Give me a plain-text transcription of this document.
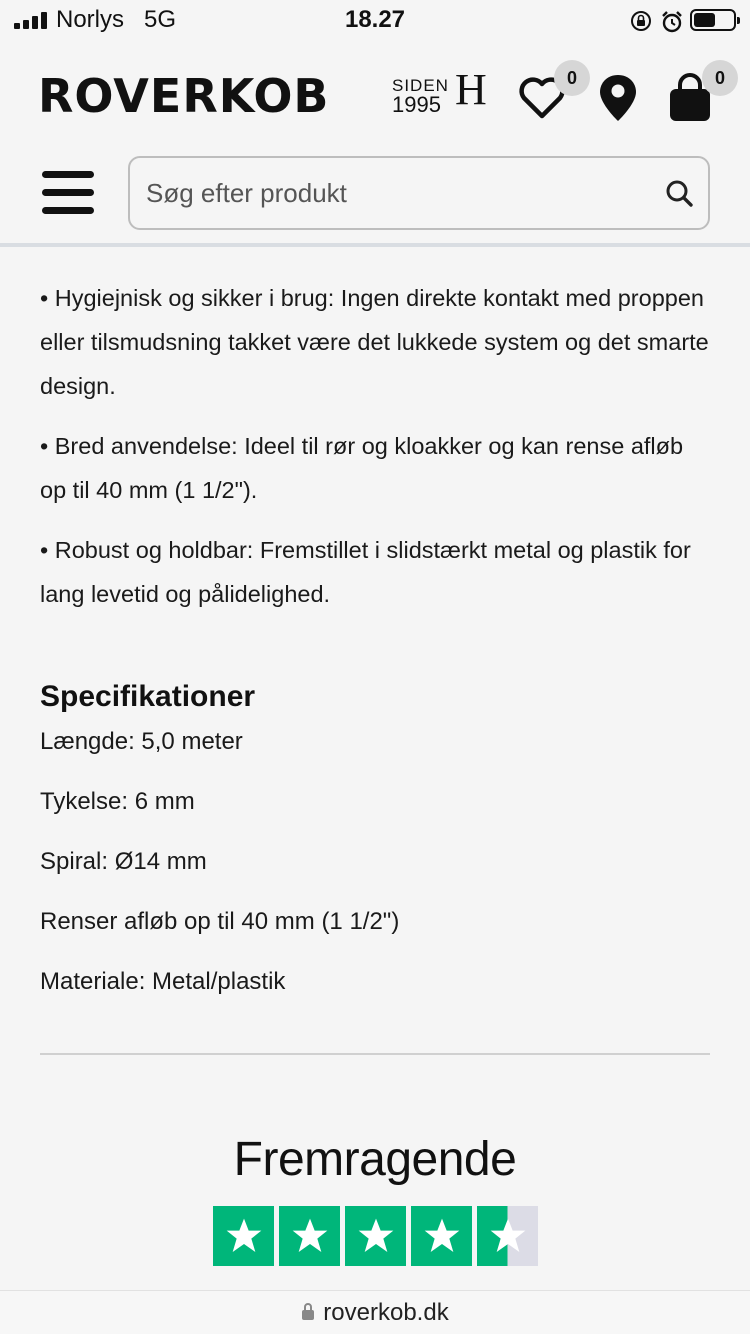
Norlys 5G	18.27
ROVERKOB	SIDEN
1995 H	0	0
Søg efter produkt

• Hygiejnisk og sikker i brug: Ingen direkte kontakt med proppen eller tilsmudsning takket være det lukkede system og det smarte design.

• Bred anvendelse: Ideel til rør og kloakker og kan rense afløb op til 40 mm (1 1/2").

• Robust og holdbar: Fremstillet i slidstærkt metal og plastik for lang levetid og pålidelighed.

Specifikationer
Længde: 5,0 meter
Tykelse: 6 mm
Spiral: Ø14 mm
Renser afløb op til 40 mm (1 1/2")
Materiale: Metal/plastik
Fremragende
roverkob.dk
